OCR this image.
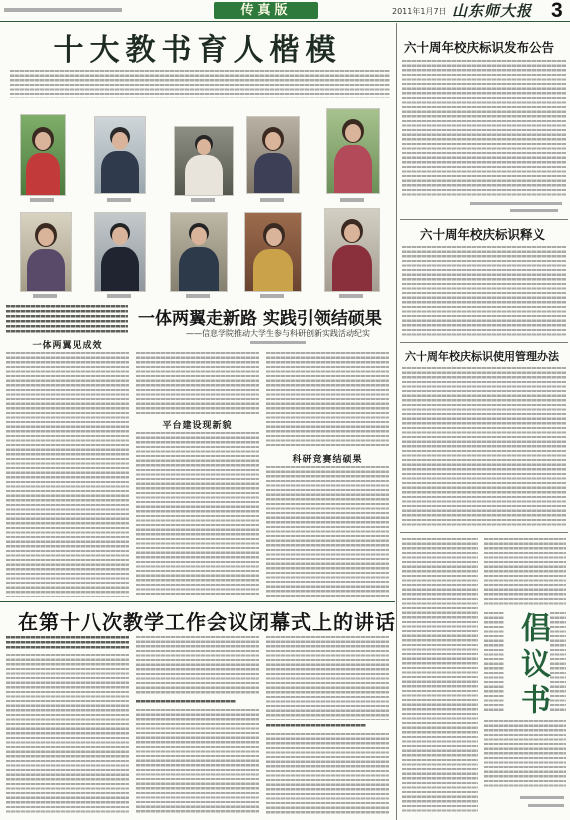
传真版	2011年1月7日 山东师大报 3
十大教书育人楷模
一体两翼走新路 实践引领结硕果
——信息学院推动大学生参与科研创新实践活动纪实
一体两翼见成效
平台建设现新貌
科研竞赛结硕果
在第十八次教学工作会议闭幕式上的讲话
六十周年校庆标识发布公告
六十周年校庆标识释义
六十周年校庆标识使用管理办法
倡议书
